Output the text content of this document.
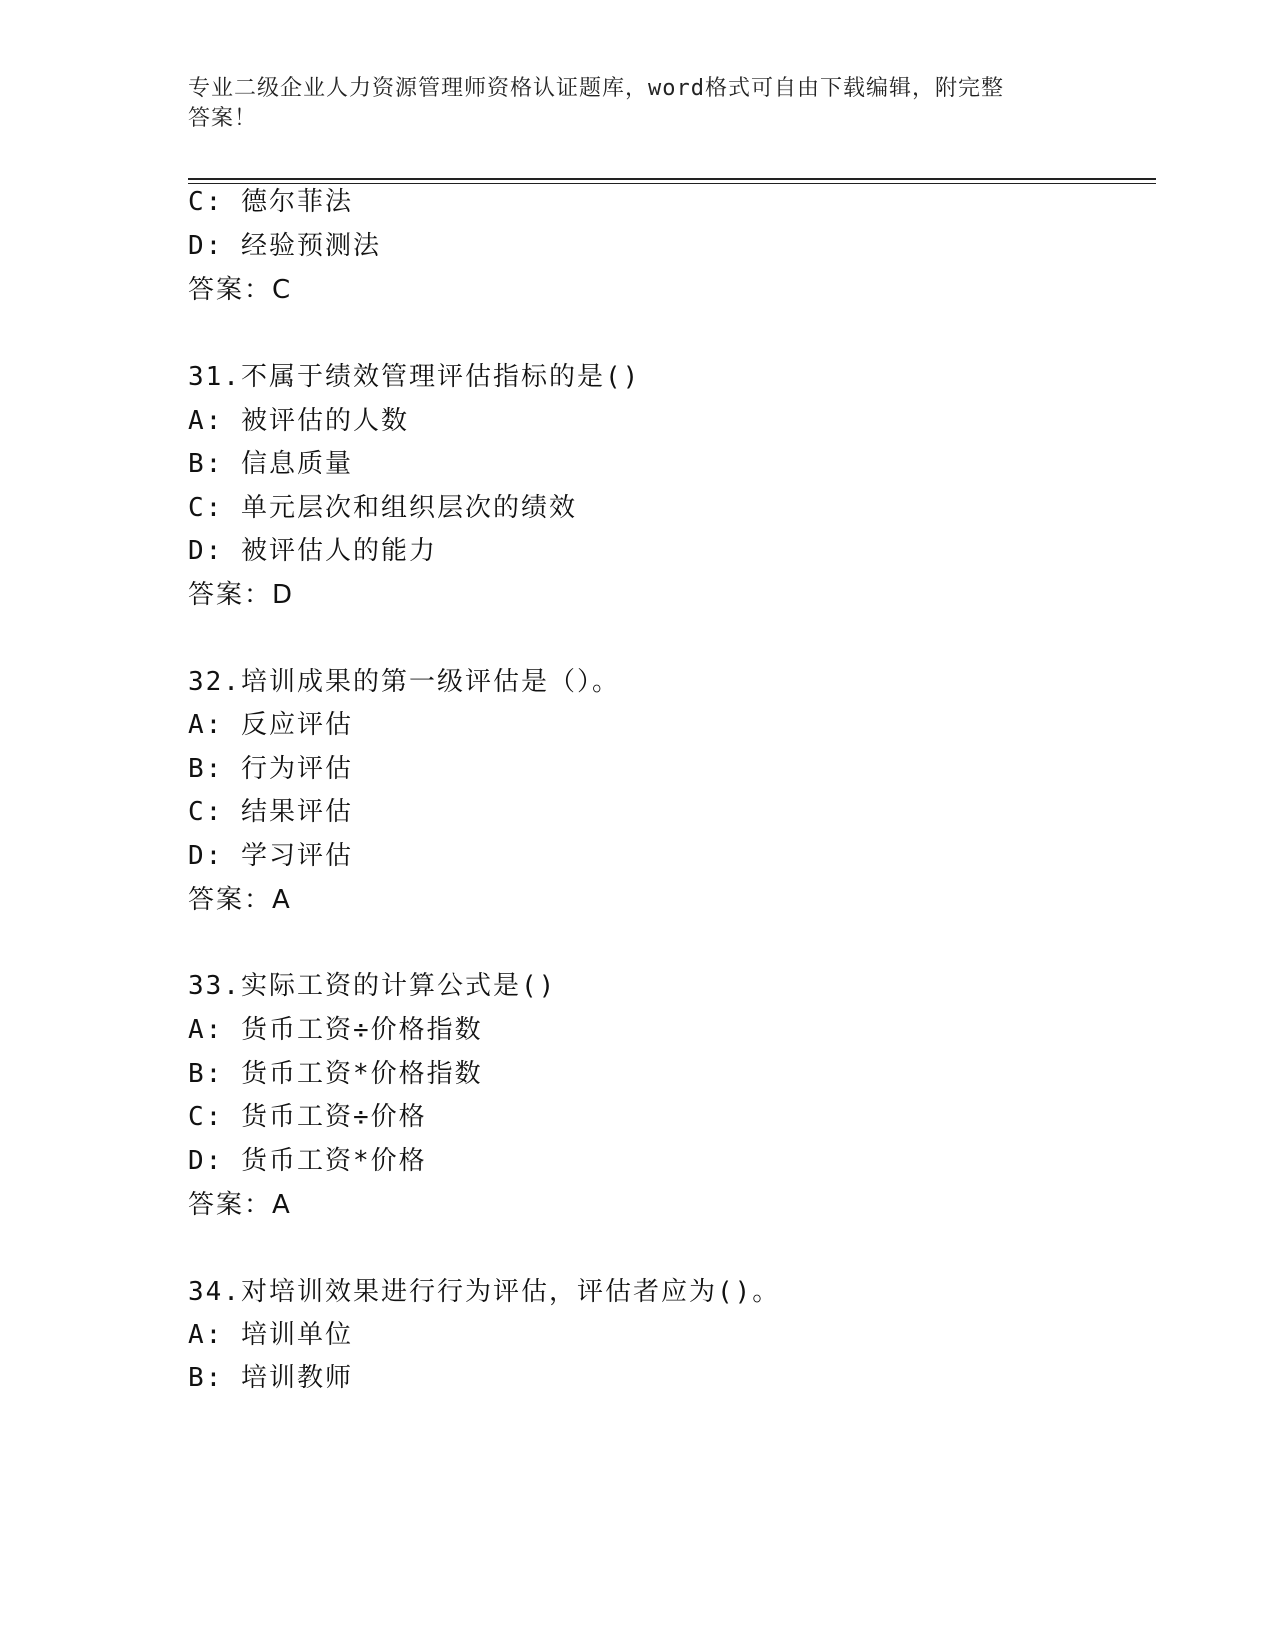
专业二级企业人力资源管理师资格认证题库，word格式可自由下载编辑，附完整
答案！
C: 德尔菲法
D: 经验预测法
答案：C
31.不属于绩效管理评估指标的是()
A: 被评估的人数
B: 信息质量
C: 单元层次和组织层次的绩效
D: 被评估人的能力
答案：D
32.培训成果的第一级评估是（）。
A: 反应评估
B: 行为评估
C: 结果评估
D: 学习评估
答案：A
33.实际工资的计算公式是()
A: 货币工资÷价格指数
B: 货币工资*价格指数
C: 货币工资÷价格
D: 货币工资*价格
答案：A
34.对培训效果进行行为评估，评估者应为()。
A: 培训单位
B: 培训教师
